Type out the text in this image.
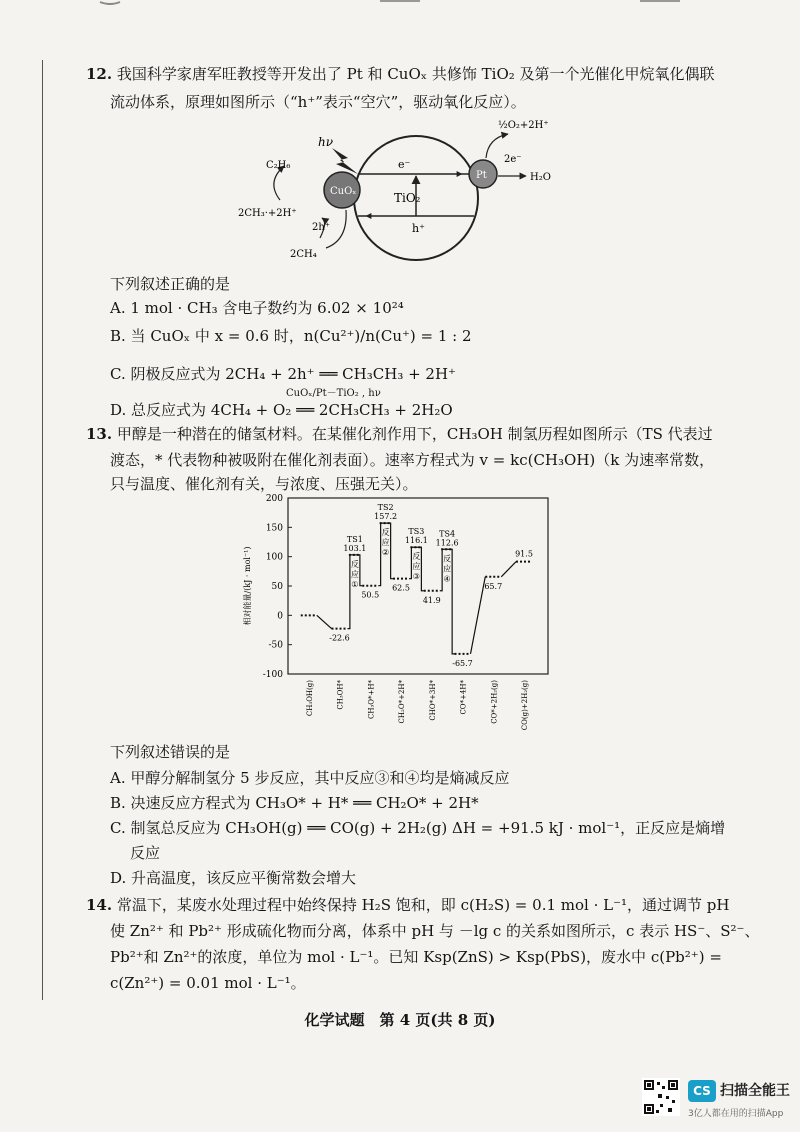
12. 我国科学家唐军旺教授等开发出了 Pt 和 CuOₓ 共修饰 TiO₂ 及第一个光催化甲烷氧化偶联
流动体系，原理如图所示（“h⁺”表示“空穴”，驱动氧化反应）。
TiO₂
e⁻
h⁺
CuOₓ
hν
Pt
C₂H₆
2CH₃·+2H⁺
2h⁺
2CH₄
½O₂+2H⁺
2e⁻
H₂O
下列叙述正确的是
A. 1 mol · CH₃ 含电子数约为 6.02 × 10²⁴
B. 当 CuOₓ 中 x = 0.6 时，n(Cu²⁺)/n(Cu⁺) = 1 : 2
C. 阴极反应式为 2CH₄ + 2h⁺ ══ CH₃CH₃ + 2H⁺
CuOₓ/Pt－TiO₂ , hν
D. 总反应式为 4CH₄ + O₂ ══ 2CH₃CH₃ + 2H₂O
13. 甲醇是一种潜在的储氢材料。在某催化剂作用下，CH₃OH 制氢历程如图所示（TS 代表过
渡态，* 代表物种被吸附在催化剂表面）。速率方程式为 v = kc(CH₃OH)（k 为速率常数，
只与温度、催化剂有关，与浓度、压强无关）。
200
150
100
50
0
-50
-100
相对能量/(kJ · mol⁻¹)
TS1
103.1
反
应
①
TS2
157.2
反
应
②
TS3
116.1
反
应
③
TS4
112.6
反
应
④
-22.6
50.5
62.5
41.9
-65.7
65.7
91.5
CH₃OH(g)	CH₃OH*	CH₃O*+H*	CH₂O*+2H*	CHO*+3H*	CO*+4H*	CO*+2H₂(g)	CO(g)+2H₂(g)
下列叙述错误的是
A. 甲醇分解制氢分 5 步反应，其中反应③和④均是熵减反应
B. 决速反应方程式为 CH₃O* + H* ══ CH₂O* + 2H*
C. 制氢总反应为 CH₃OH(g) ══ CO(g) + 2H₂(g) ΔH = +91.5 kJ · mol⁻¹，正反应是熵增
反应
D. 升高温度，该反应平衡常数会增大
14. 常温下，某废水处理过程中始终保持 H₂S 饱和，即 c(H₂S) = 0.1 mol · L⁻¹，通过调节 pH
使 Zn²⁺ 和 Pb²⁺ 形成硫化物而分离，体系中 pH 与 －lg c 的关系如图所示，c 表示 HS⁻、S²⁻、
Pb²⁺和 Zn²⁺的浓度，单位为 mol · L⁻¹。已知 Ksp(ZnS) > Ksp(PbS)，废水中 c(Pb²⁺) =
c(Zn²⁺) = 0.01 mol · L⁻¹。
化学试题　第 4 页(共 8 页)
CS 扫描全能王
3亿人都在用的扫描App
